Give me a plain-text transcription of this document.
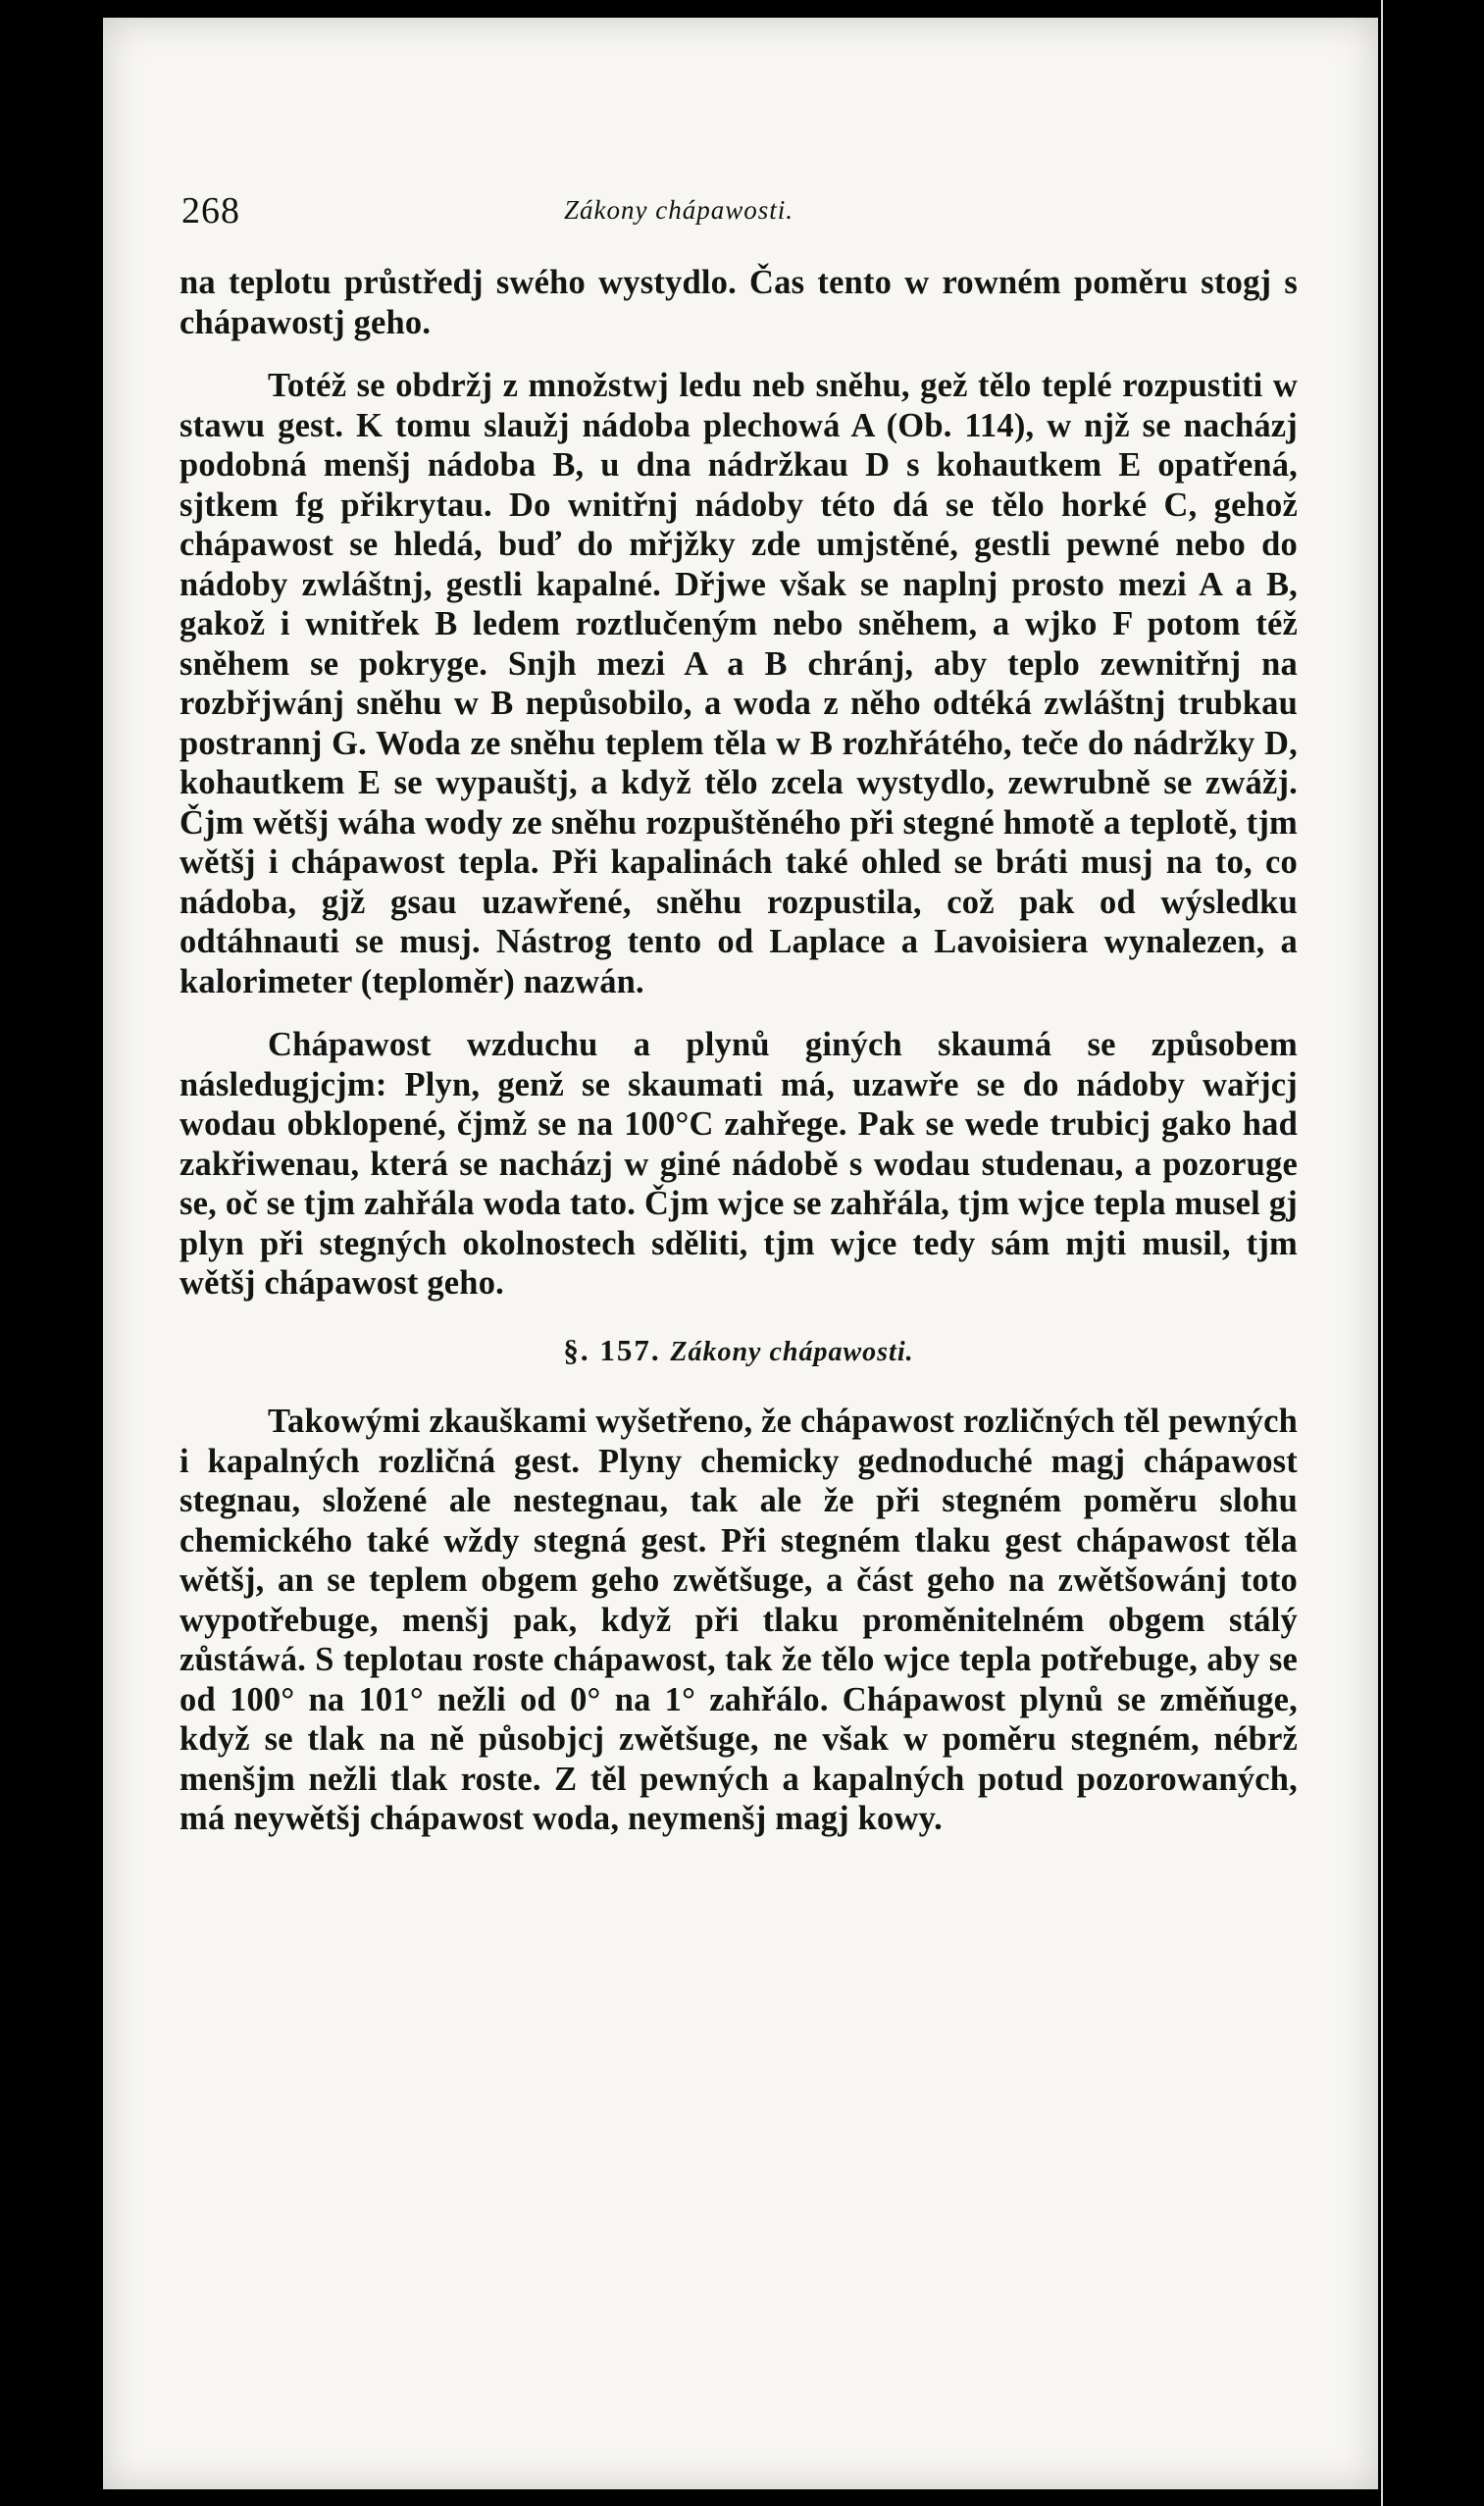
268	Zákony chápawosti.

na teplotu průstředj swého wystydlo. Čas tento w rowném poměru stogj s chápawostj geho.

Totéž se obdržj z množstwj ledu neb sněhu, gež tělo teplé rozpustiti w stawu gest. K tomu slaužj nádoba plechowá A (Ob. 114), w njž se nacházj podobná menšj nádoba B, u dna nádržkau D s kohautkem E opatřená, sjtkem fg přikrytau. Do wnitřnj nádoby této dá se tělo horké C, gehož chápawost se hledá, buď do mřjžky zde umjstěné, gestli pewné nebo do nádoby zwláštnj, gestli kapalné. Dřjwe však se naplnj prosto mezi A a B, gakož i wnitřek B ledem roztlučeným nebo sněhem, a wjko F potom též sněhem se pokryge. Snjh mezi A a B chránj, aby teplo zewnitřnj na rozbřjwánj sněhu w B nepůsobilo, a woda z něho odtéká zwláštnj trubkau postrannj G. Woda ze sněhu teplem těla w B rozhřátého, teče do nádržky D, kohautkem E se wypauštj, a když tělo zcela wystydlo, zewrubně se zwážj. Čjm wětšj wáha wody ze sněhu rozpuštěného při stegné hmotě a teplotě, tjm wětšj i chápawost tepla. Při kapalinách také ohled se bráti musj na to, co nádoba, gjž gsau uzawřené, sněhu rozpustila, což pak od wýsledku odtáhnauti se musj. Nástrog tento od Laplace a Lavoisiera wynalezen, a kalorimeter (teploměr) nazwán.

Chápawost wzduchu a plynů giných skaumá se způsobem následugjcjm: Plyn, genž se skaumati má, uzawře se do nádoby wařjcj wodau obklopené, čjmž se na 100°C zahřege. Pak se wede trubicj gako had zakřiwenau, která se nacházj w giné nádobě s wodau studenau, a pozoruge se, oč se tjm zahřála woda tato. Čjm wjce se zahřála, tjm wjce tepla musel gj plyn při stegných okolnostech sděliti, tjm wjce tedy sám mjti musil, tjm wětšj chápawost geho.

§. 157. Zákony chápawosti.

Takowými zkauškami wyšetřeno, že chápawost rozličných těl pewných i kapalných rozličná gest. Plyny chemicky gednoduché magj chápawost stegnau, složené ale nestegnau, tak ale že při stegném poměru slohu chemického také wždy stegná gest. Při stegném tlaku gest chápawost těla wětšj, an se teplem obgem geho zwětšuge, a část geho na zwětšowánj toto wypotřebuge, menšj pak, když při tlaku proměnitelném obgem stálý zůstáwá. S teplotau roste chápawost, tak že tělo wjce tepla potřebuge, aby se od 100° na 101° nežli od 0° na 1° zahřálo. Chápawost plynů se změňuge, když se tlak na ně působjcj zwětšuge, ne však w poměru stegném, nébrž menšjm nežli tlak roste. Z těl pewných a kapalných potud pozorowaných, má neywětšj chápawost woda, neymenšj magj kowy.
